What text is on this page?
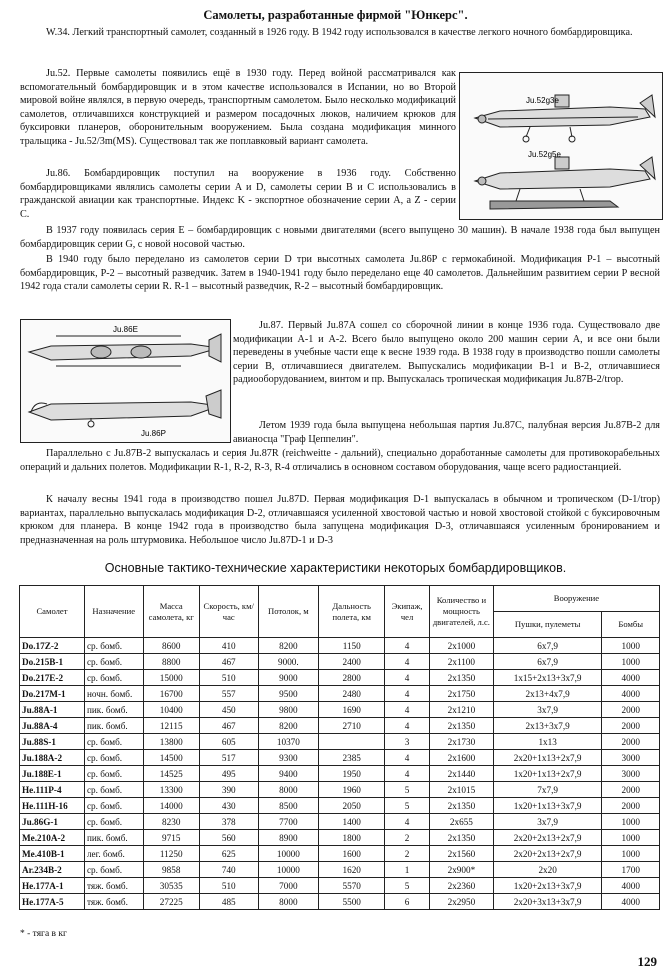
Самолеты, разработанные фирмой "Юнкерс".

W.34. Легкий транспортный самолет, созданный в 1926 году. В 1942 году использовался в качестве легкого ночного бомбардировщика.

Ju.52. Первые самолеты появились ещё в 1930 году. Перед войной рассматривался как вспомогательный бомбардировщик и в этом качестве использовался в Испании, но во Второй мировой войне являлся, в первую очередь, транспортным самолетом. Было несколько модификаций самолетов, отличавшихся конструкцией и размером посадочных люков, наличием крюков для буксировки планеров, оборонительным вооружением. Была создана модификация минного тральщика - Ju.52/3m(MS). Существовал так же поплавковый вариант самолета.

Ju.86. Бомбардировщик поступил на вооружение в 1936 году. Собственно бомбардировщиками являлись самолеты серии A и D, самолеты серии B и C использовались в гражданской авиации как транспортные. Индекс K - экспортное обозначение серии A, а Z - серии C.

Ju.52g3e
Ju.52g5e

В 1937 году появилась серия E – бомбардировщик с новыми двигателями (всего выпущено 30 машин). В начале 1938 года был выпущен бомбардировщик серии G, с новой носовой частью.

В 1940 году было переделано из самолетов серии D три высотных самолета Ju.86P с гермокабиной. Модификация P-1 – высотный бомбардировщик, P-2 – высотный разведчик. Затем в 1940-1941 году было переделано еще 40 самолетов. Дальнейшим развитием серии P весной 1942 года стали самолеты серии R. R-1 – высотный разведчик, R-2 – высотный бомбардировщик.

Ju.86E
Ju.86P

Ju.87. Первый Ju.87A сошел со сборочной линии в конце 1936 года. Существовало две модификации A-1 и A-2. Всего было выпущено около 200 машин серии A, и все они были переведены в учебные части еще к весне 1939 года. В 1938 году в производство пошли самолеты серии B, отличавшиеся двигателем. Выпускались модификации B-1 и B-2, отличавшиеся радиооборудованием, винтом и пр. Выпускалась тропическая модификация Ju.87B-2/trop.

Летом 1939 года была выпущена небольшая партия Ju.87C, палубная версия Ju.87B-2 для авианосца "Граф Цеппелин".

Параллельно с Ju.87B-2 выпускалась и серия Ju.87R (reichweitte - дальний), специально доработанные самолеты для противокорабельных операций и дальних полетов. Модификации R-1, R-2, R-3, R-4 отличались в основном составом оборудования, чаще всего радиостанцией.

К началу весны 1941 года в производство пошел Ju.87D. Первая модификация D-1 выпускалась в обычном и тропическом (D-1/trop) вариантах, параллельно выпускалась модификация D-2, отличавшаяся усиленной хвостовой частью и новой хвостовой стойкой с буксировочным крюком для планера. В конце 1942 года в производство была запущена модификация D-3, отличавшаяся усиленным бронированием и предназначенная на роль штурмовика. Небольшое число Ju.87D-1 и D-3

Основные тактико-технические характеристики некоторых бомбардировщиков.
Самолет	Назначение	Масса самолета, кг	Скорость, км/час	Потолок, м	Дальность полета, км	Экипаж, чел	Количество и мощность двигателей, л.с.	Вооружение	
								Пушки, пулеметы	Бомбы
Do.17Z-2	ср. бомб.	8600	410	8200	1150	4	2x1000	6x7,9	1000
Do.215B-1	ср. бомб.	8800	467	9000.	2400	4	2x1100	6x7,9	1000
Do.217E-2	ср. бомб.	15000	510	9000	2800	4	2x1350	1x15+2x13+3x7,9	4000
Do.217M-1	ночн. бомб.	16700	557	9500	2480	4	2x1750	2x13+4x7,9	4000
Ju.88A-1	пик. бомб.	10400	450	9800	1690	4	2x1210	3x7,9	2000
Ju.88A-4	пик. бомб.	12115	467	8200	2710	4	2x1350	2x13+3x7,9	2000
Ju.88S-1	ср. бомб.	13800	605	10370		3	2x1730	1x13	2000
Ju.188A-2	ср. бомб.	14500	517	9300	2385	4	2x1600	2x20+1x13+2x7,9	3000
Ju.188E-1	ср. бомб.	14525	495	9400	1950	4	2x1440	1x20+1x13+2x7,9	3000
He.111P-4	ср. бомб.	13300	390	8000	1960	5	2x1015	7x7,9	2000
He.111H-16	ср. бомб.	14000	430	8500	2050	5	2x1350	1x20+1x13+3x7,9	2000
Ju.86G-1	ср. бомб.	8230	378	7700	1400	4	2x655	3x7,9	1000
Me.210A-2	пик. бомб.	9715	560	8900	1800	2	2x1350	2x20+2x13+2x7,9	1000
Me.410B-1	лег. бомб.	11250	625	10000	1600	2	2x1560	2x20+2x13+2x7,9	1000
Ar.234B-2	ср. бомб.	9858	740	10000	1620	1	2x900*	2x20	1700
He.177A-1	тяж. бомб.	30535	510	7000	5570	5	2x2360	1x20+2x13+3x7,9	4000
He.177A-5	тяж. бомб.	27225	485	8000	5500	6	2x2950	2x20+3x13+3x7,9	4000
* - тяга в кг
129
